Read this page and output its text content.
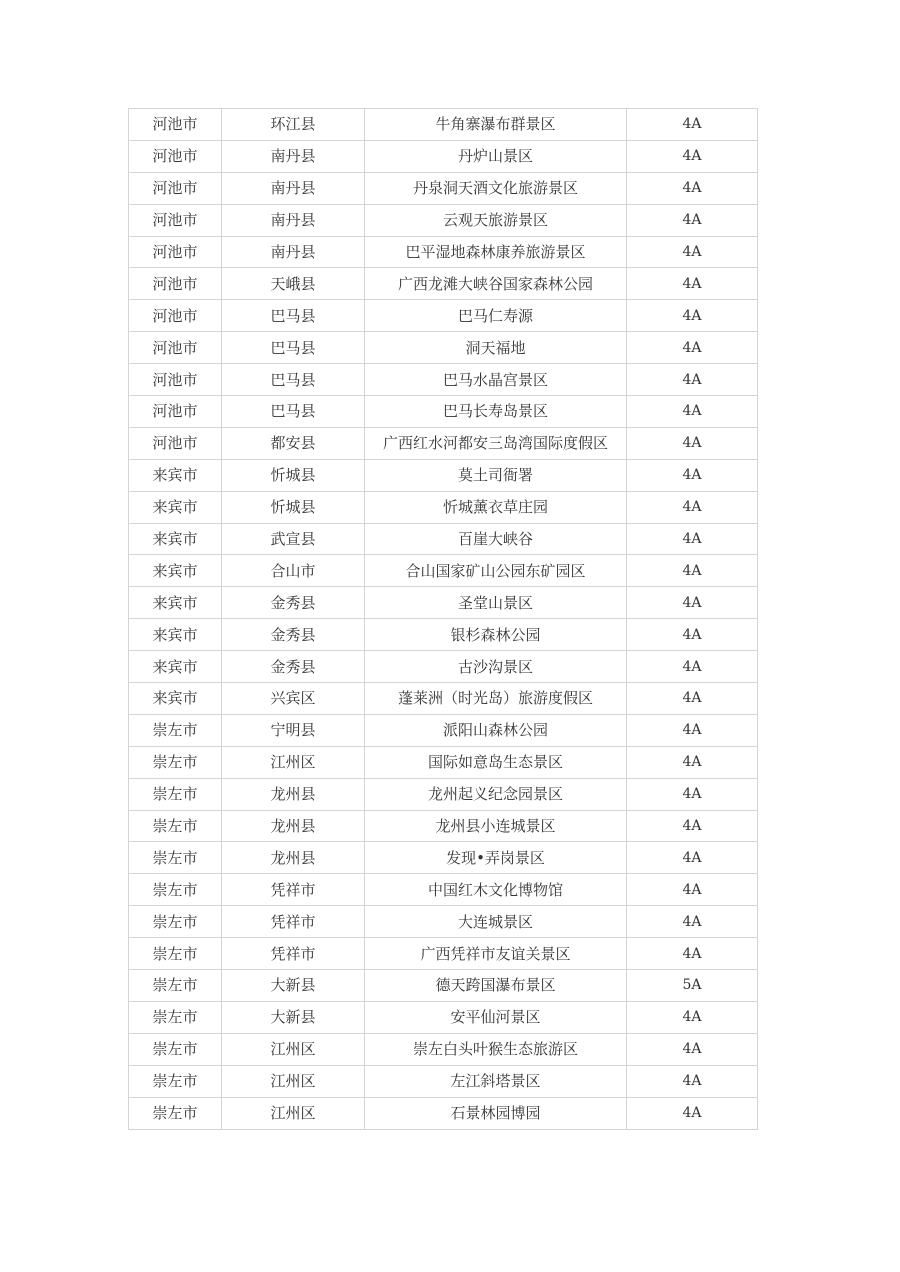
河池市	环江县	牛角寨瀑布群景区	4A
河池市	南丹县	丹炉山景区	4A
河池市	南丹县	丹泉洞天酒文化旅游景区	4A
河池市	南丹县	云观天旅游景区	4A
河池市	南丹县	巴平湿地森林康养旅游景区	4A
河池市	天峨县	广西龙滩大峡谷国家森林公园	4A
河池市	巴马县	巴马仁寿源	4A
河池市	巴马县	洞天福地	4A
河池市	巴马县	巴马水晶宫景区	4A
河池市	巴马县	巴马长寿岛景区	4A
河池市	都安县	广西红水河都安三岛湾国际度假区	4A
来宾市	忻城县	莫土司衙署	4A
来宾市	忻城县	忻城薰衣草庄园	4A
来宾市	武宣县	百崖大峡谷	4A
来宾市	合山市	合山国家矿山公园东矿园区	4A
来宾市	金秀县	圣堂山景区	4A
来宾市	金秀县	银杉森林公园	4A
来宾市	金秀县	古沙沟景区	4A
来宾市	兴宾区	蓬莱洲（时光岛）旅游度假区	4A
崇左市	宁明县	派阳山森林公园	4A
崇左市	江州区	国际如意岛生态景区	4A
崇左市	龙州县	龙州起义纪念园景区	4A
崇左市	龙州县	龙州县小连城景区	4A
崇左市	龙州县	发现•弄岗景区	4A
崇左市	凭祥市	中国红木文化博物馆	4A
崇左市	凭祥市	大连城景区	4A
崇左市	凭祥市	广西凭祥市友谊关景区	4A
崇左市	大新县	德天跨国瀑布景区	5A
崇左市	大新县	安平仙河景区	4A
崇左市	江州区	崇左白头叶猴生态旅游区	4A
崇左市	江州区	左江斜塔景区	4A
崇左市	江州区	石景林园博园	4A
